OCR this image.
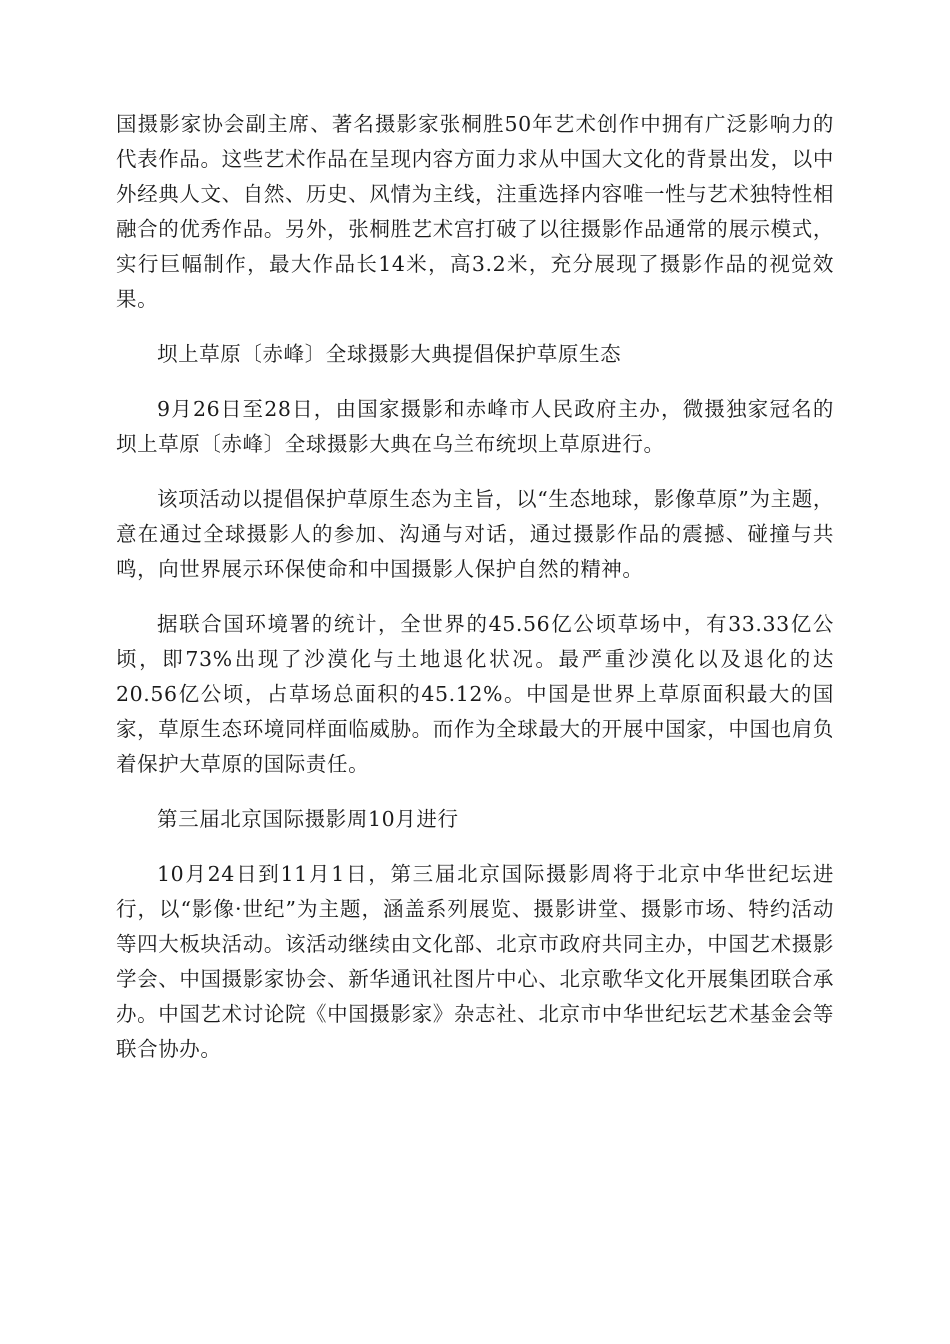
国摄影家协会副主席、著名摄影家张桐胜50年艺术创作中拥有广泛影响力的代表作品。这些艺术作品在呈现内容方面力求从中国大文化的背景出发，以中外经典人文、自然、历史、风情为主线，注重选择内容唯一性与艺术独特性相融合的优秀作品。另外，张桐胜艺术宫打破了以往摄影作品通常的展示模式，实行巨幅制作，最大作品长14米，高3.2米，充分展现了摄影作品的视觉效果。

坝上草原〔赤峰〕全球摄影大典提倡保护草原生态

9月26日至28日，由国家摄影和赤峰市人民政府主办，微摄独家冠名的坝上草原〔赤峰〕全球摄影大典在乌兰布统坝上草原进行。

该项活动以提倡保护草原生态为主旨，以“生态地球，影像草原”为主题，意在通过全球摄影人的参加、沟通与对话，通过摄影作品的震撼、碰撞与共鸣，向世界展示环保使命和中国摄影人保护自然的精神。

据联合国环境署的统计，全世界的45.56亿公顷草场中，有33.33亿公顷，即73%出现了沙漠化与土地退化状况。最严重沙漠化以及退化的达20.56亿公顷，占草场总面积的45.12%。中国是世界上草原面积最大的国家，草原生态环境同样面临威胁。而作为全球最大的开展中国家，中国也肩负着保护大草原的国际责任。

第三届北京国际摄影周10月进行

10月24日到11月1日，第三届北京国际摄影周将于北京中华世纪坛进行，以“影像·世纪”为主题，涵盖系列展览、摄影讲堂、摄影市场、特约活动等四大板块活动。该活动继续由文化部、北京市政府共同主办，中国艺术摄影学会、中国摄影家协会、新华通讯社图片中心、北京歌华文化开展集团联合承办。中国艺术讨论院《中国摄影家》杂志社、北京市中华世纪坛艺术基金会等联合协办。
